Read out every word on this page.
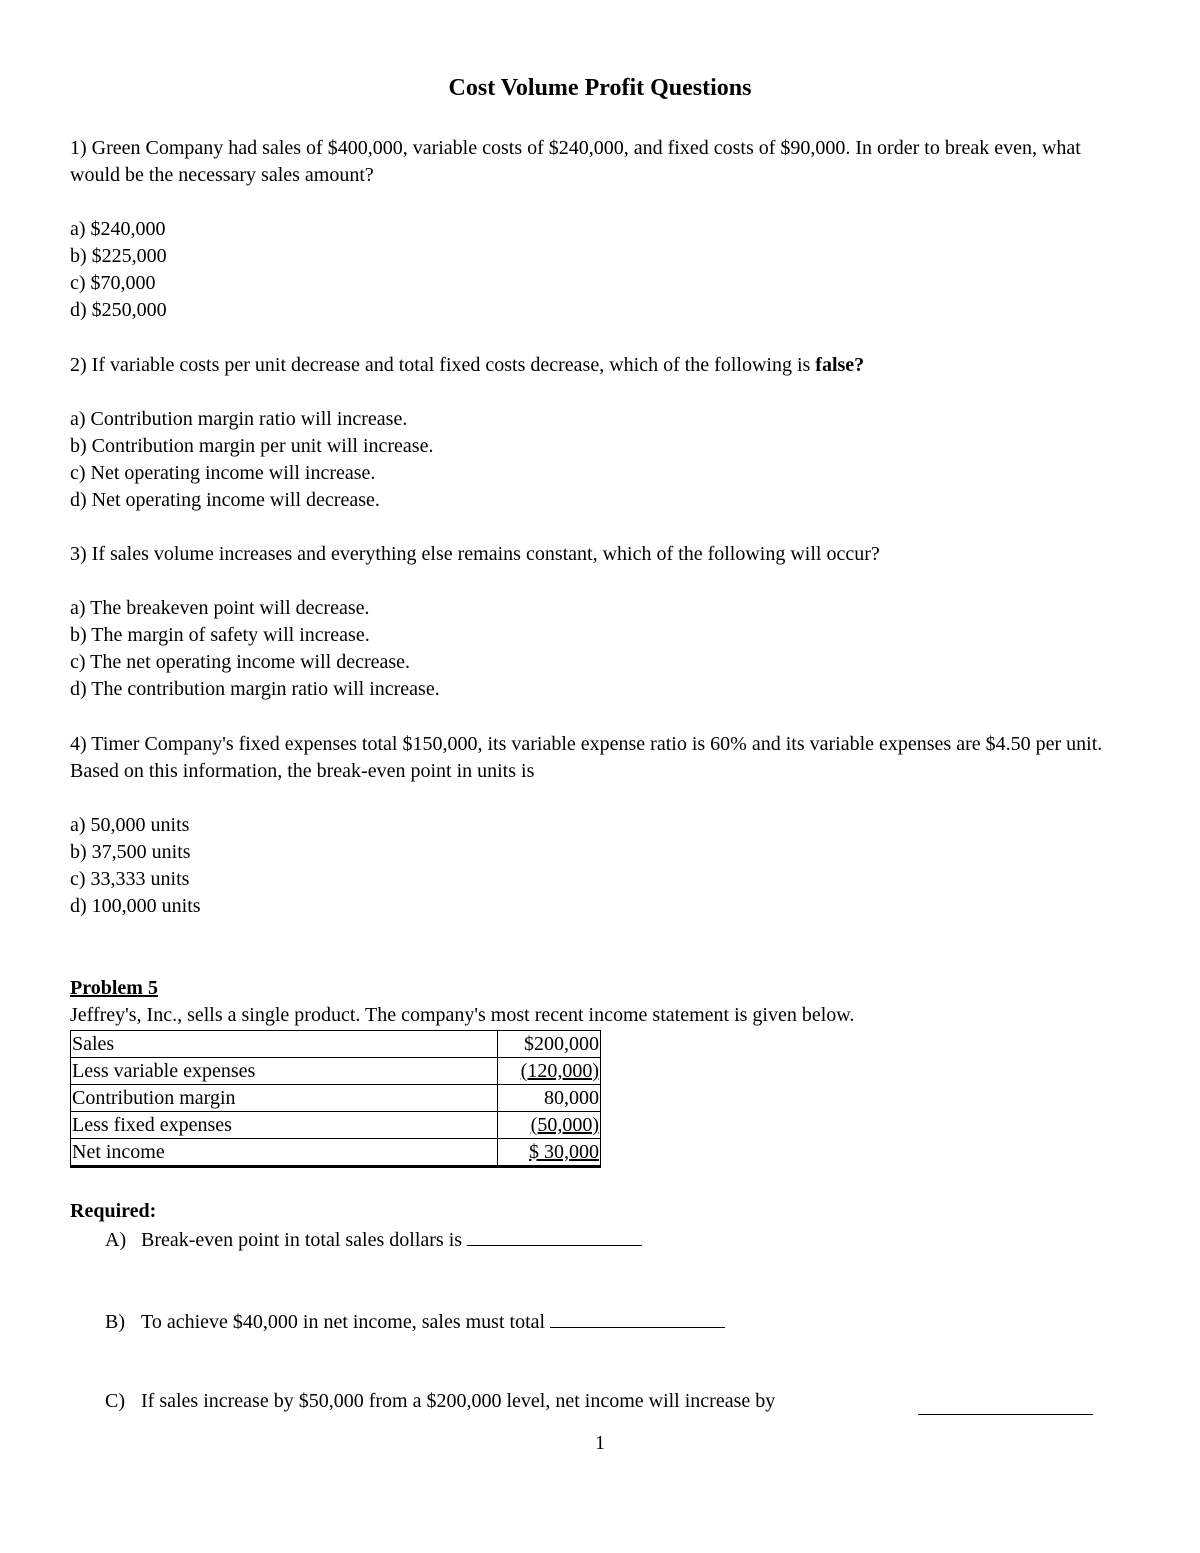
Cost Volume Profit Questions

1) Green Company had sales of $400,000, variable costs of $240,000, and fixed costs of $90,000. In order to break even, what would be the necessary sales amount?

a) $240,000
b) $225,000
c) $70,000
d) $250,000

2) If variable costs per unit decrease and total fixed costs decrease, which of the following is false?

a) Contribution margin ratio will increase.
b) Contribution margin per unit will increase.
c) Net operating income will increase.
d) Net operating income will decrease.

3) If sales volume increases and everything else remains constant, which of the following will occur?

a) The breakeven point will decrease.
b) The margin of safety will increase.
c) The net operating income will decrease.
d) The contribution margin ratio will increase.

4) Timer Company's fixed expenses total $150,000, its variable expense ratio is 60% and its variable expenses are $4.50 per unit. Based on this information, the break-even point in units is

a) 50,000 units
b) 37,500 units
c) 33,333 units
d) 100,000 units

Problem 5

Jeffrey's, Inc., sells a single product. The company's most recent income statement is given below.

Sales	$200,000
Less variable expenses	(120,000)
Contribution margin	80,000
Less fixed expenses	(50,000)
Net income	$ 30,000

Required:

A) Break-even point in total sales dollars is
B) To achieve $40,000 in net income, sales must total
C) If sales increase by $50,000 from a $200,000 level, net income will increase by
1
